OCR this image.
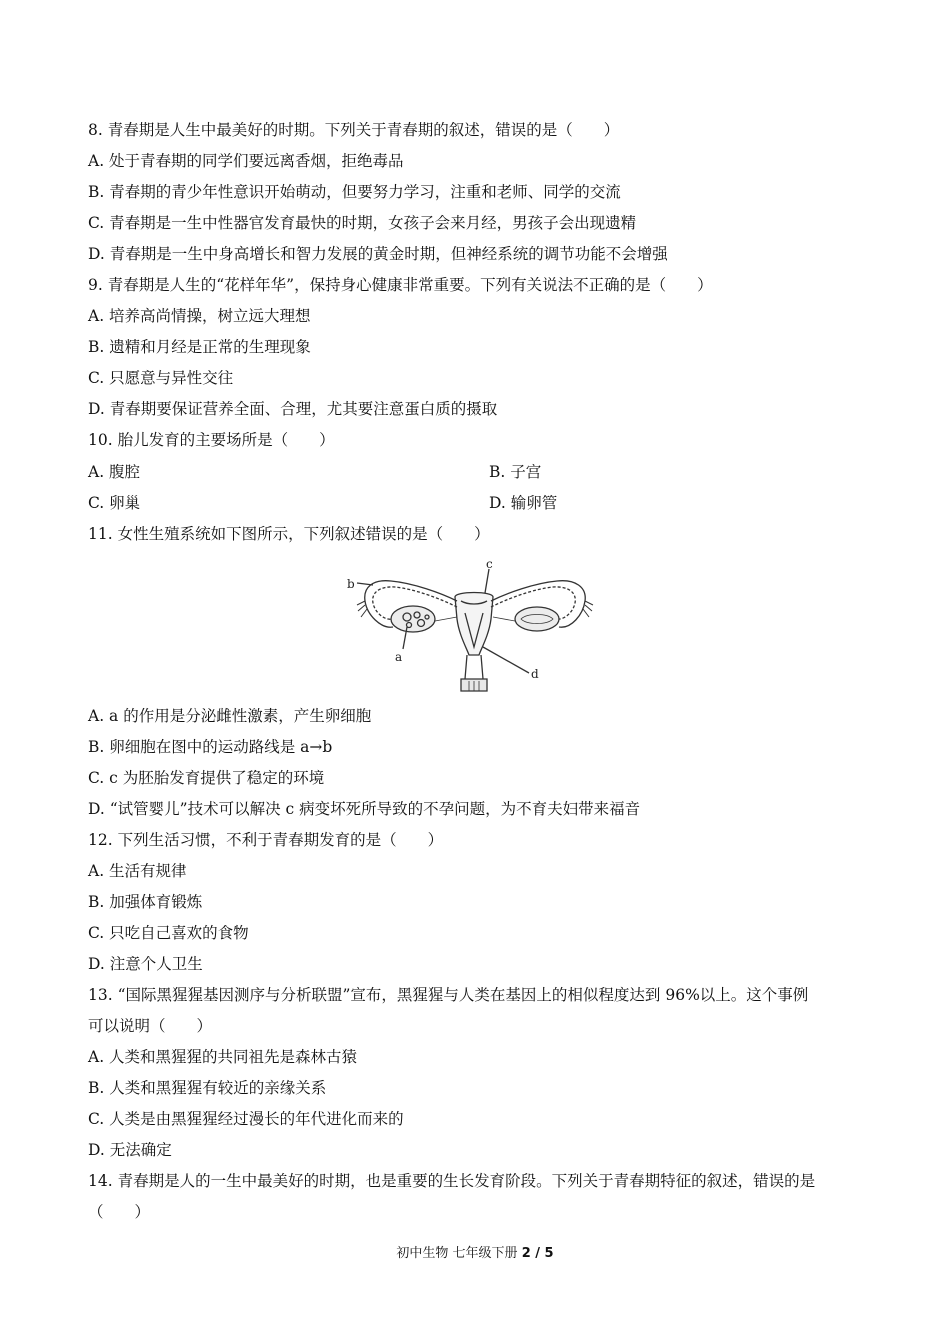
8. 青春期是人生中最美好的时期。下列关于青春期的叙述，错误的是（　　）
A. 处于青春期的同学们要远离香烟，拒绝毒品
B. 青春期的青少年性意识开始萌动，但要努力学习，注重和老师、同学的交流
C. 青春期是一生中性器官发育最快的时期，女孩子会来月经，男孩子会出现遗精
D. 青春期是一生中身高增长和智力发展的黄金时期，但神经系统的调节功能不会增强
9. 青春期是人生的“花样年华”，保持身心健康非常重要。下列有关说法不正确的是（　　）
A. 培养高尚情操，树立远大理想
B. 遗精和月经是正常的生理现象
C. 只愿意与异性交往
D. 青春期要保证营养全面、合理，尤其要注意蛋白质的摄取
10. 胎儿发育的主要场所是（　　）
A. 腹腔	B. 子宫
C. 卵巢	D. 输卵管
11. 女性生殖系统如下图所示，下列叙述错误的是（　　）
b
c
a
d
A. a 的作用是分泌雌性激素，产生卵细胞
B. 卵细胞在图中的运动路线是 a→b
C. c 为胚胎发育提供了稳定的环境
D. “试管婴儿”技术可以解决 c 病变坏死所导致的不孕问题，为不育夫妇带来福音
12. 下列生活习惯，不利于青春期发育的是（　　）
A. 生活有规律
B. 加强体育锻炼
C. 只吃自己喜欢的食物
D. 注意个人卫生
13. “国际黑猩猩基因测序与分析联盟”宣布，黑猩猩与人类在基因上的相似程度达到 96%以上。这个事例
可以说明（　　）
A. 人类和黑猩猩的共同祖先是森林古猿
B. 人类和黑猩猩有较近的亲缘关系
C. 人类是由黑猩猩经过漫长的年代进化而来的
D. 无法确定
14. 青春期是人的一生中最美好的时期，也是重要的生长发育阶段。下列关于青春期特征的叙述，错误的是
（　　）
初中生物 七年级下册 2 / 5
